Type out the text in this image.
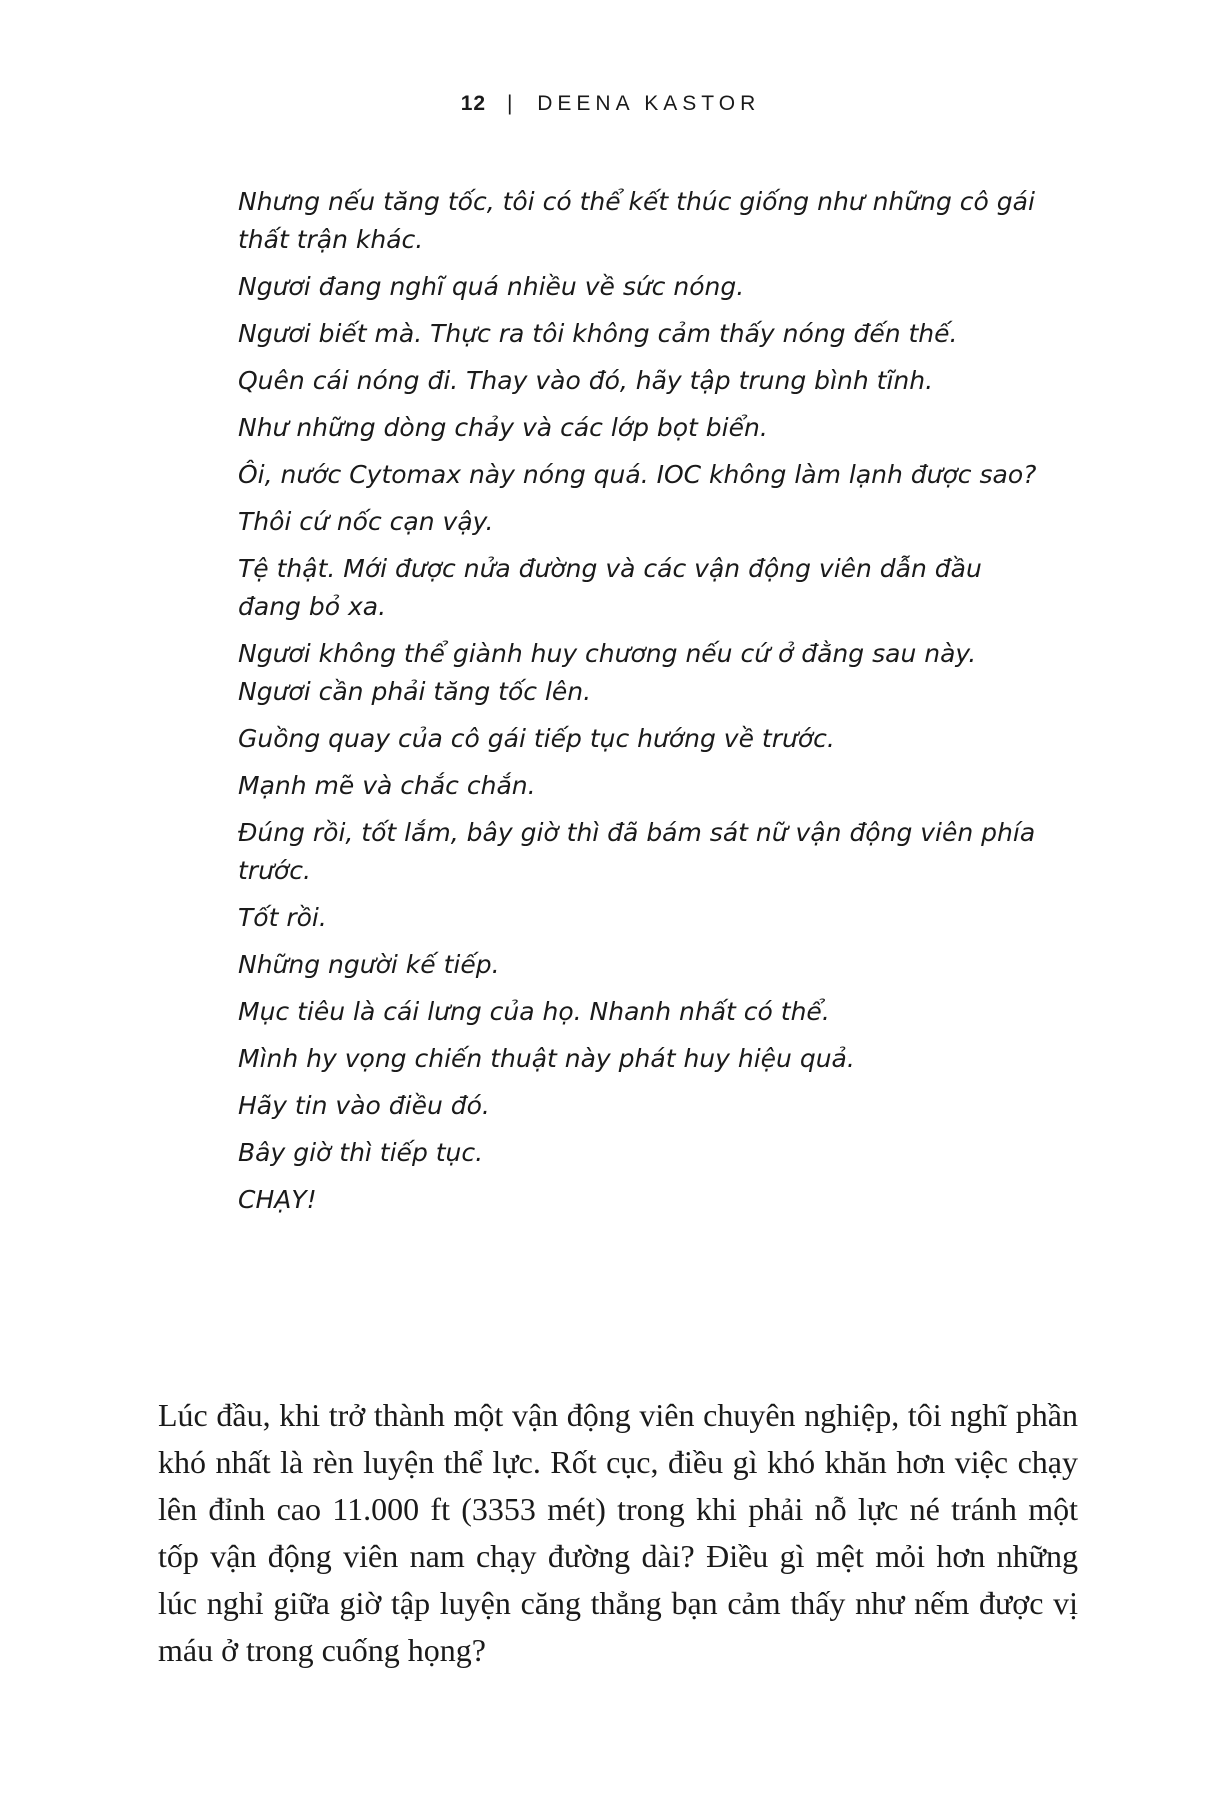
12 | DEENA KASTOR

Nhưng nếu tăng tốc, tôi có thể kết thúc giống như những cô gái thất trận khác.

Ngươi đang nghĩ quá nhiều về sức nóng.

Ngươi biết mà. Thực ra tôi không cảm thấy nóng đến thế.

Quên cái nóng đi. Thay vào đó, hãy tập trung bình tĩnh.

Như những dòng chảy và các lớp bọt biển.

Ôi, nước Cytomax này nóng quá. IOC không làm lạnh được sao?

Thôi cứ nốc cạn vậy.

Tệ thật. Mới được nửa đường và các vận động viên dẫn đầu đang bỏ xa.

Ngươi không thể giành huy chương nếu cứ ở đằng sau này. Ngươi cần phải tăng tốc lên.

Guồng quay của cô gái tiếp tục hướng về trước.

Mạnh mẽ và chắc chắn.

Đúng rồi, tốt lắm, bây giờ thì đã bám sát nữ vận động viên phía trước.

Tốt rồi.

Những người kế tiếp.

Mục tiêu là cái lưng của họ. Nhanh nhất có thể.

Mình hy vọng chiến thuật này phát huy hiệu quả.

Hãy tin vào điều đó.

Bây giờ thì tiếp tục.

CHẠY!

Lúc đầu, khi trở thành một vận động viên chuyên nghiệp, tôi nghĩ phần khó nhất là rèn luyện thể lực. Rốt cục, điều gì khó khăn hơn việc chạy lên đỉnh cao 11.000 ft (3353 mét) trong khi phải nỗ lực né tránh một tốp vận động viên nam chạy đường dài? Điều gì mệt mỏi hơn những lúc nghỉ giữa giờ tập luyện căng thẳng bạn cảm thấy như nếm được vị máu ở trong cuống họng?
